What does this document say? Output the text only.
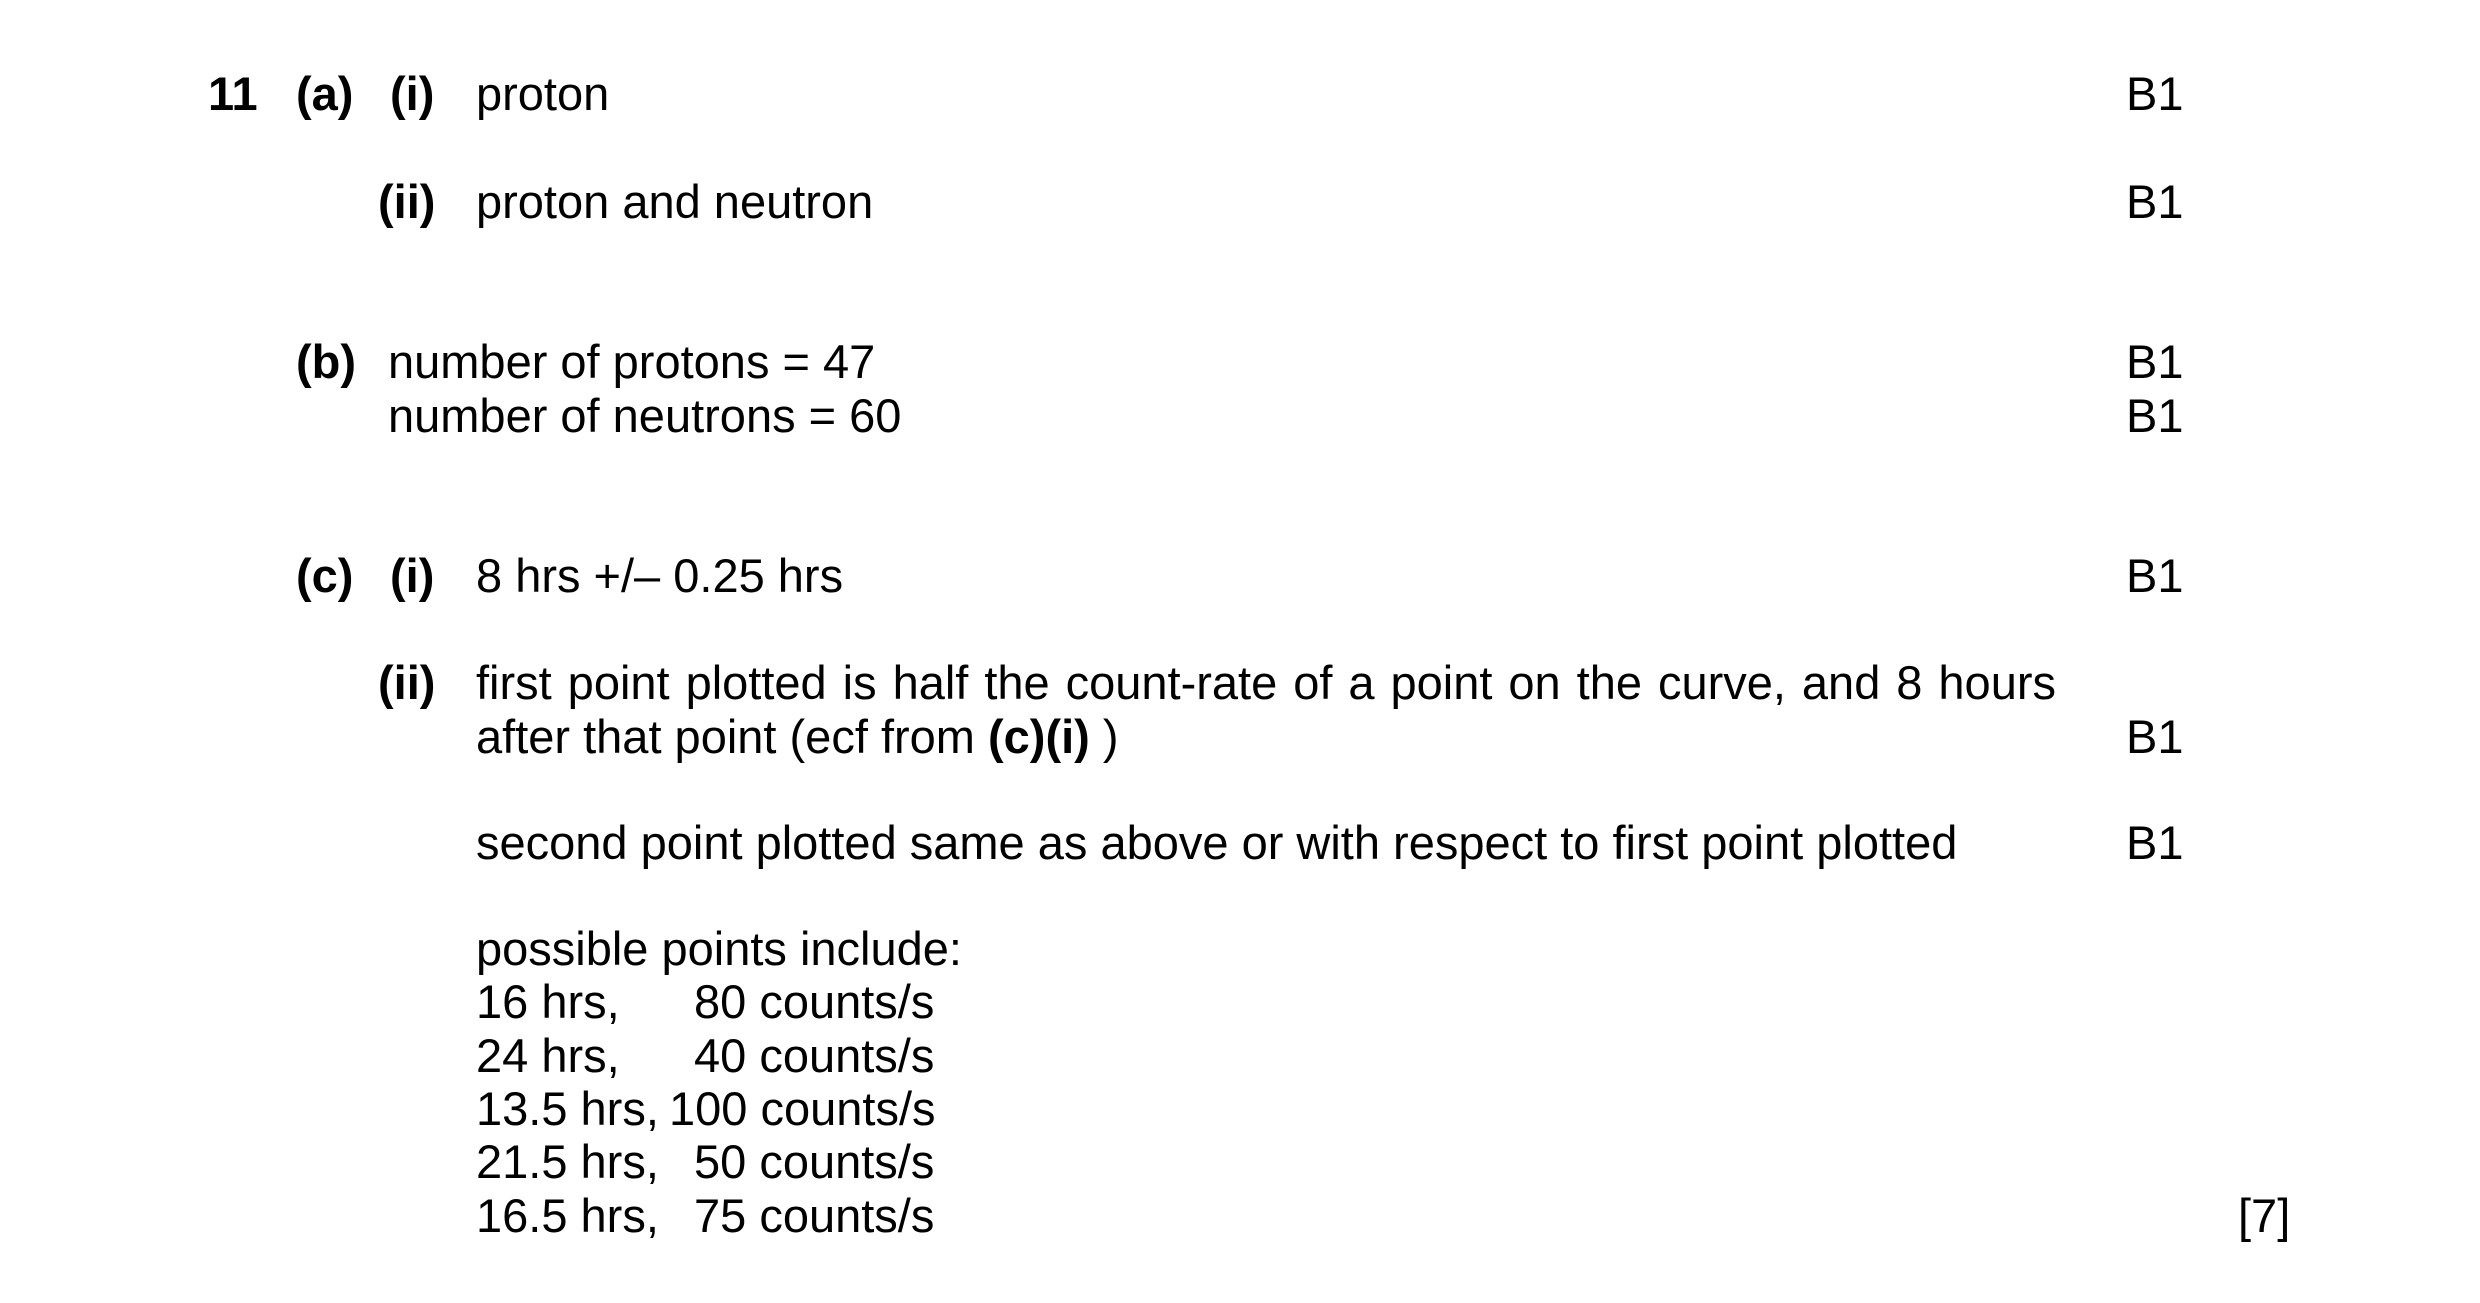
11 (a) (i) proton	B1
(ii) proton and neutron	B1
(b) number of protons = 47	B1
number of neutrons = 60	B1
(c) (i) 8 hrs +/– 0.25 hrs	B1
(ii) first point plotted is half the count-rate of a point on the curve, and 8 hours
after that point (ecf from (c)(i) )	B1
second point plotted same as above or with respect to first point plotted	B1
possible points include:
16 hrs, 80 counts/s
24 hrs, 40 counts/s
13.5 hrs, 100 counts/s
21.5 hrs, 50 counts/s
16.5 hrs, 75 counts/s	[7]
